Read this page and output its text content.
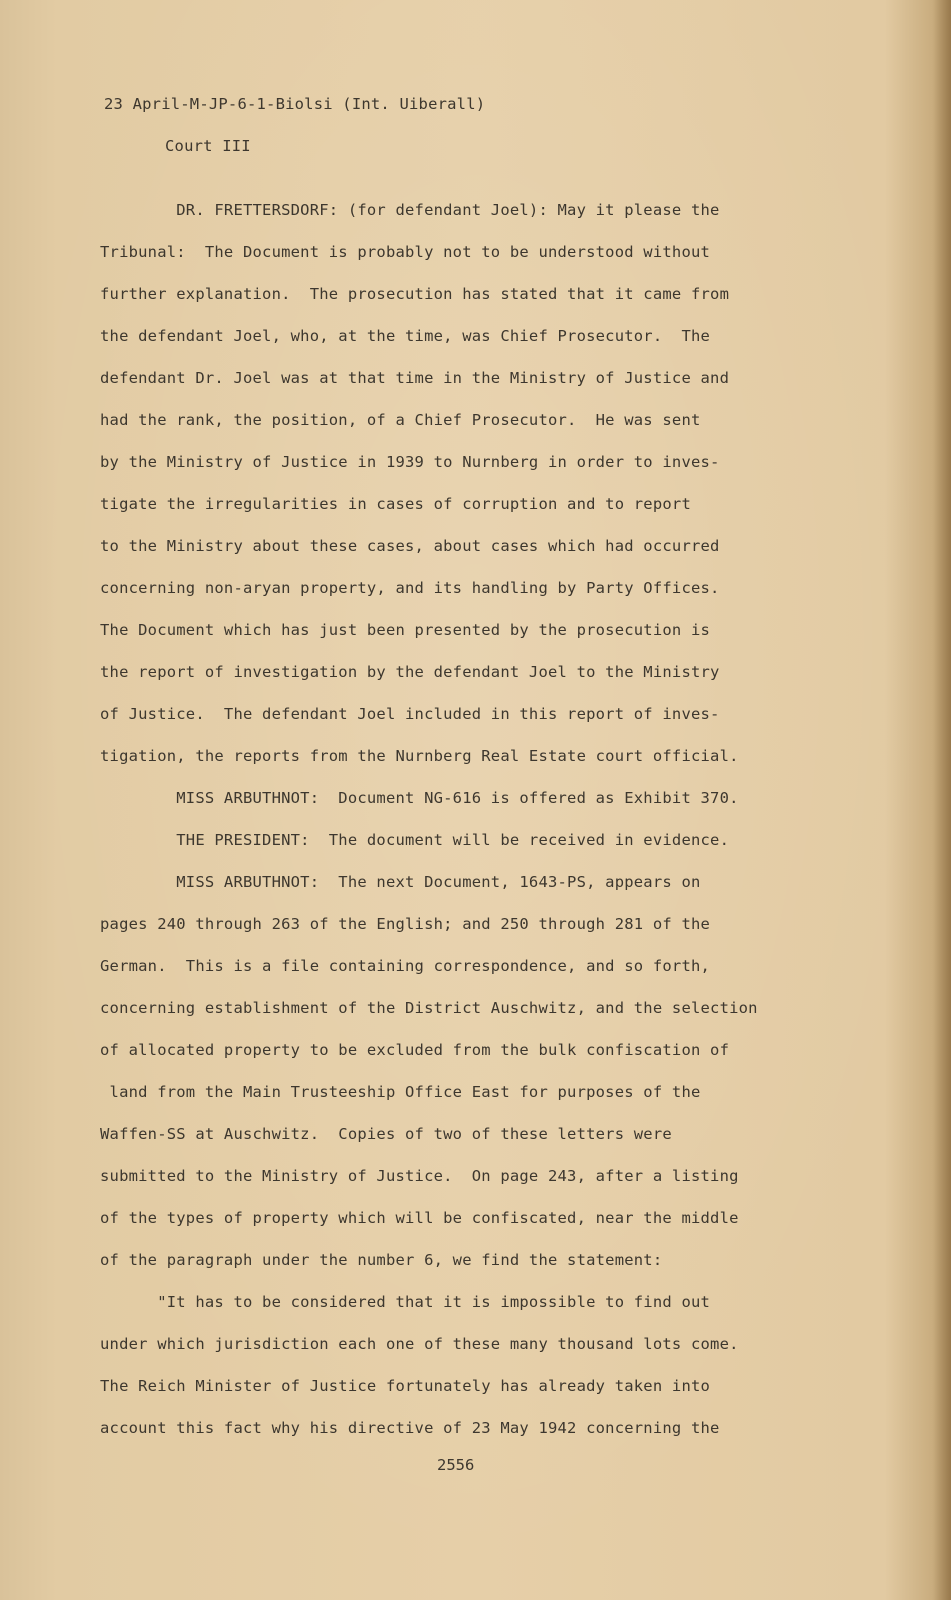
23 April-M-JP-6-1-Biolsi (Int. Uiberall)
Court III
DR. FRETTERSDORF: (for defendant Joel): May it please the
Tribunal:  The Document is probably not to be understood without
further explanation.  The prosecution has stated that it came from
the defendant Joel, who, at the time, was Chief Prosecutor.  The
defendant Dr. Joel was at that time in the Ministry of Justice and
had the rank, the position, of a Chief Prosecutor.  He was sent
by the Ministry of Justice in 1939 to Nurnberg in order to inves-
tigate the irregularities in cases of corruption and to report
to the Ministry about these cases, about cases which had occurred
concerning non-aryan property, and its handling by Party Offices.
The Document which has just been presented by the prosecution is
the report of investigation by the defendant Joel to the Ministry
of Justice.  The defendant Joel included in this report of inves-
tigation, the reports from the Nurnberg Real Estate court official.
MISS ARBUTHNOT:  Document NG-616 is offered as Exhibit 370.
THE PRESIDENT:  The document will be received in evidence.
MISS ARBUTHNOT:  The next Document, 1643-PS, appears on
pages 240 through 263 of the English; and 250 through 281 of the
German.  This is a file containing correspondence, and so forth,
concerning establishment of the District Auschwitz, and the selection
of allocated property to be excluded from the bulk confiscation of
land from the Main Trusteeship Office East for purposes of the
Waffen-SS at Auschwitz.  Copies of two of these letters were
submitted to the Ministry of Justice.  On page 243, after a listing
of the types of property which will be confiscated, near the middle
of the paragraph under the number 6, we find the statement:
"It has to be considered that it is impossible to find out
under which jurisdiction each one of these many thousand lots come.
The Reich Minister of Justice fortunately has already taken into
account this fact why his directive of 23 May 1942 concerning the
2556
